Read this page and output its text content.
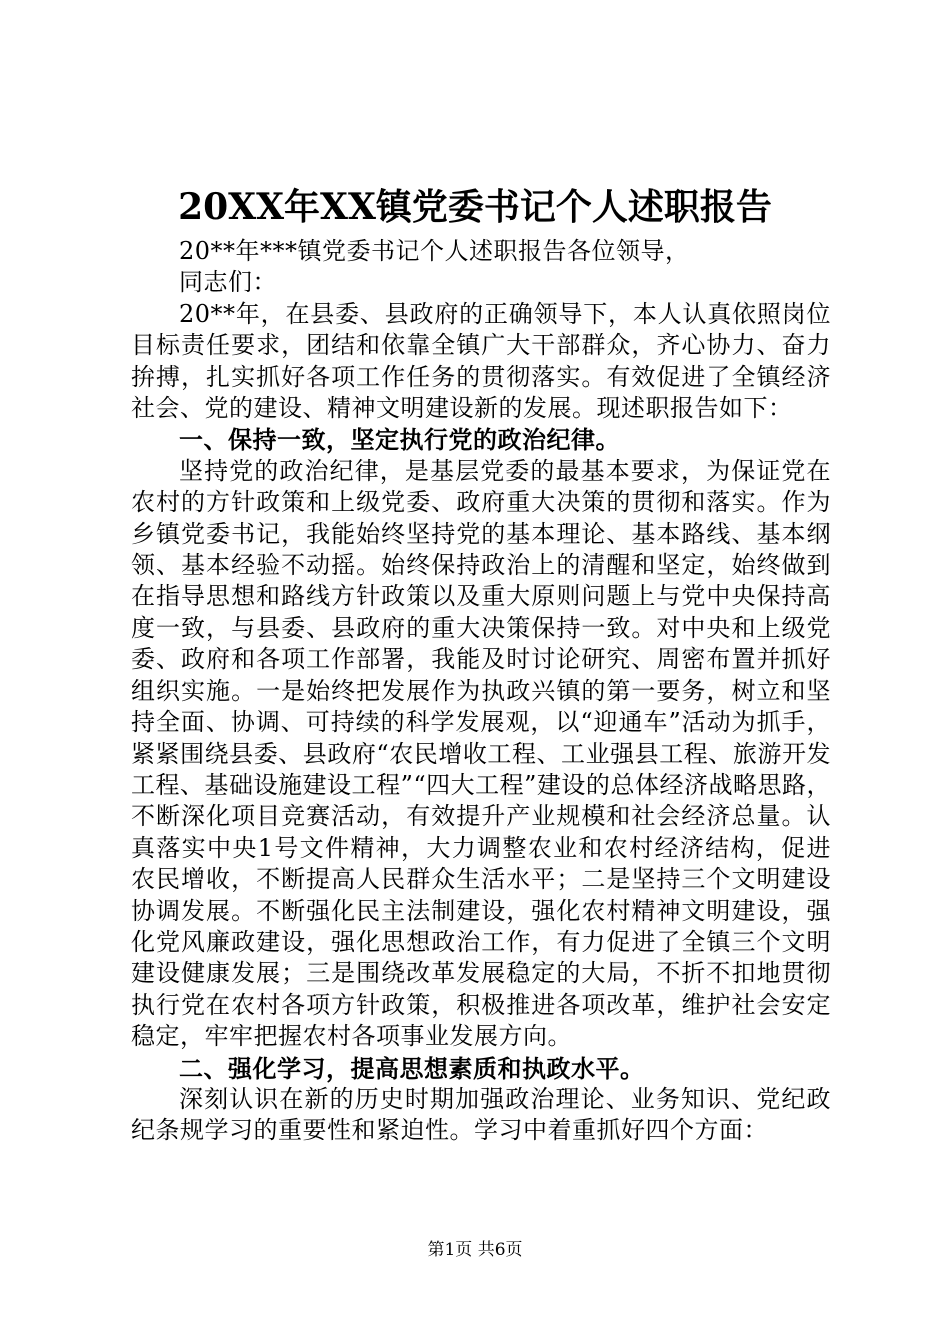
20XX年XX镇党委书记个人述职报告

20**年***镇党委书记个人述职报告各位领导，

同志们：

20**年，在县委、县政府的正确领导下，本人认真依照岗位目标责任要求，团结和依靠全镇广大干部群众，齐心协力、奋力拚搏，扎实抓好各项工作任务的贯彻落实。有效促进了全镇经济社会、党的建设、精神文明建设新的发展。现述职报告如下：

一、保持一致，坚定执行党的政治纪律。

坚持党的政治纪律，是基层党委的最基本要求，为保证党在农村的方针政策和上级党委、政府重大决策的贯彻和落实。作为乡镇党委书记，我能始终坚持党的基本理论、基本路线、基本纲领、基本经验不动摇。始终保持政治上的清醒和坚定，始终做到在指导思想和路线方针政策以及重大原则问题上与党中央保持高度一致，与县委、县政府的重大决策保持一致。对中央和上级党委、政府和各项工作部署，我能及时讨论研究、周密布置并抓好组织实施。一是始终把发展作为执政兴镇的第一要务，树立和坚持全面、协调、可持续的科学发展观，以“迎通车”活动为抓手，紧紧围绕县委、县政府“农民增收工程、工业强县工程、旅游开发工程、基础设施建设工程”“四大工程”建设的总体经济战略思路，不断深化项目竞赛活动，有效提升产业规模和社会经济总量。认真落实中央1号文件精神，大力调整农业和农村经济结构，促进农民增收，不断提高人民群众生活水平；二是坚持三个文明建设协调发展。不断强化民主法制建设，强化农村精神文明建设，强化党风廉政建设，强化思想政治工作，有力促进了全镇三个文明建设健康发展；三是围绕改革发展稳定的大局，不折不扣地贯彻执行党在农村各项方针政策，积极推进各项改革，维护社会安定稳定，牢牢把握农村各项事业发展方向。

二、强化学习，提高思想素质和执政水平。

深刻认识在新的历史时期加强政治理论、业务知识、党纪政纪条规学习的重要性和紧迫性。学习中着重抓好四个方面：

第1页 共6页
